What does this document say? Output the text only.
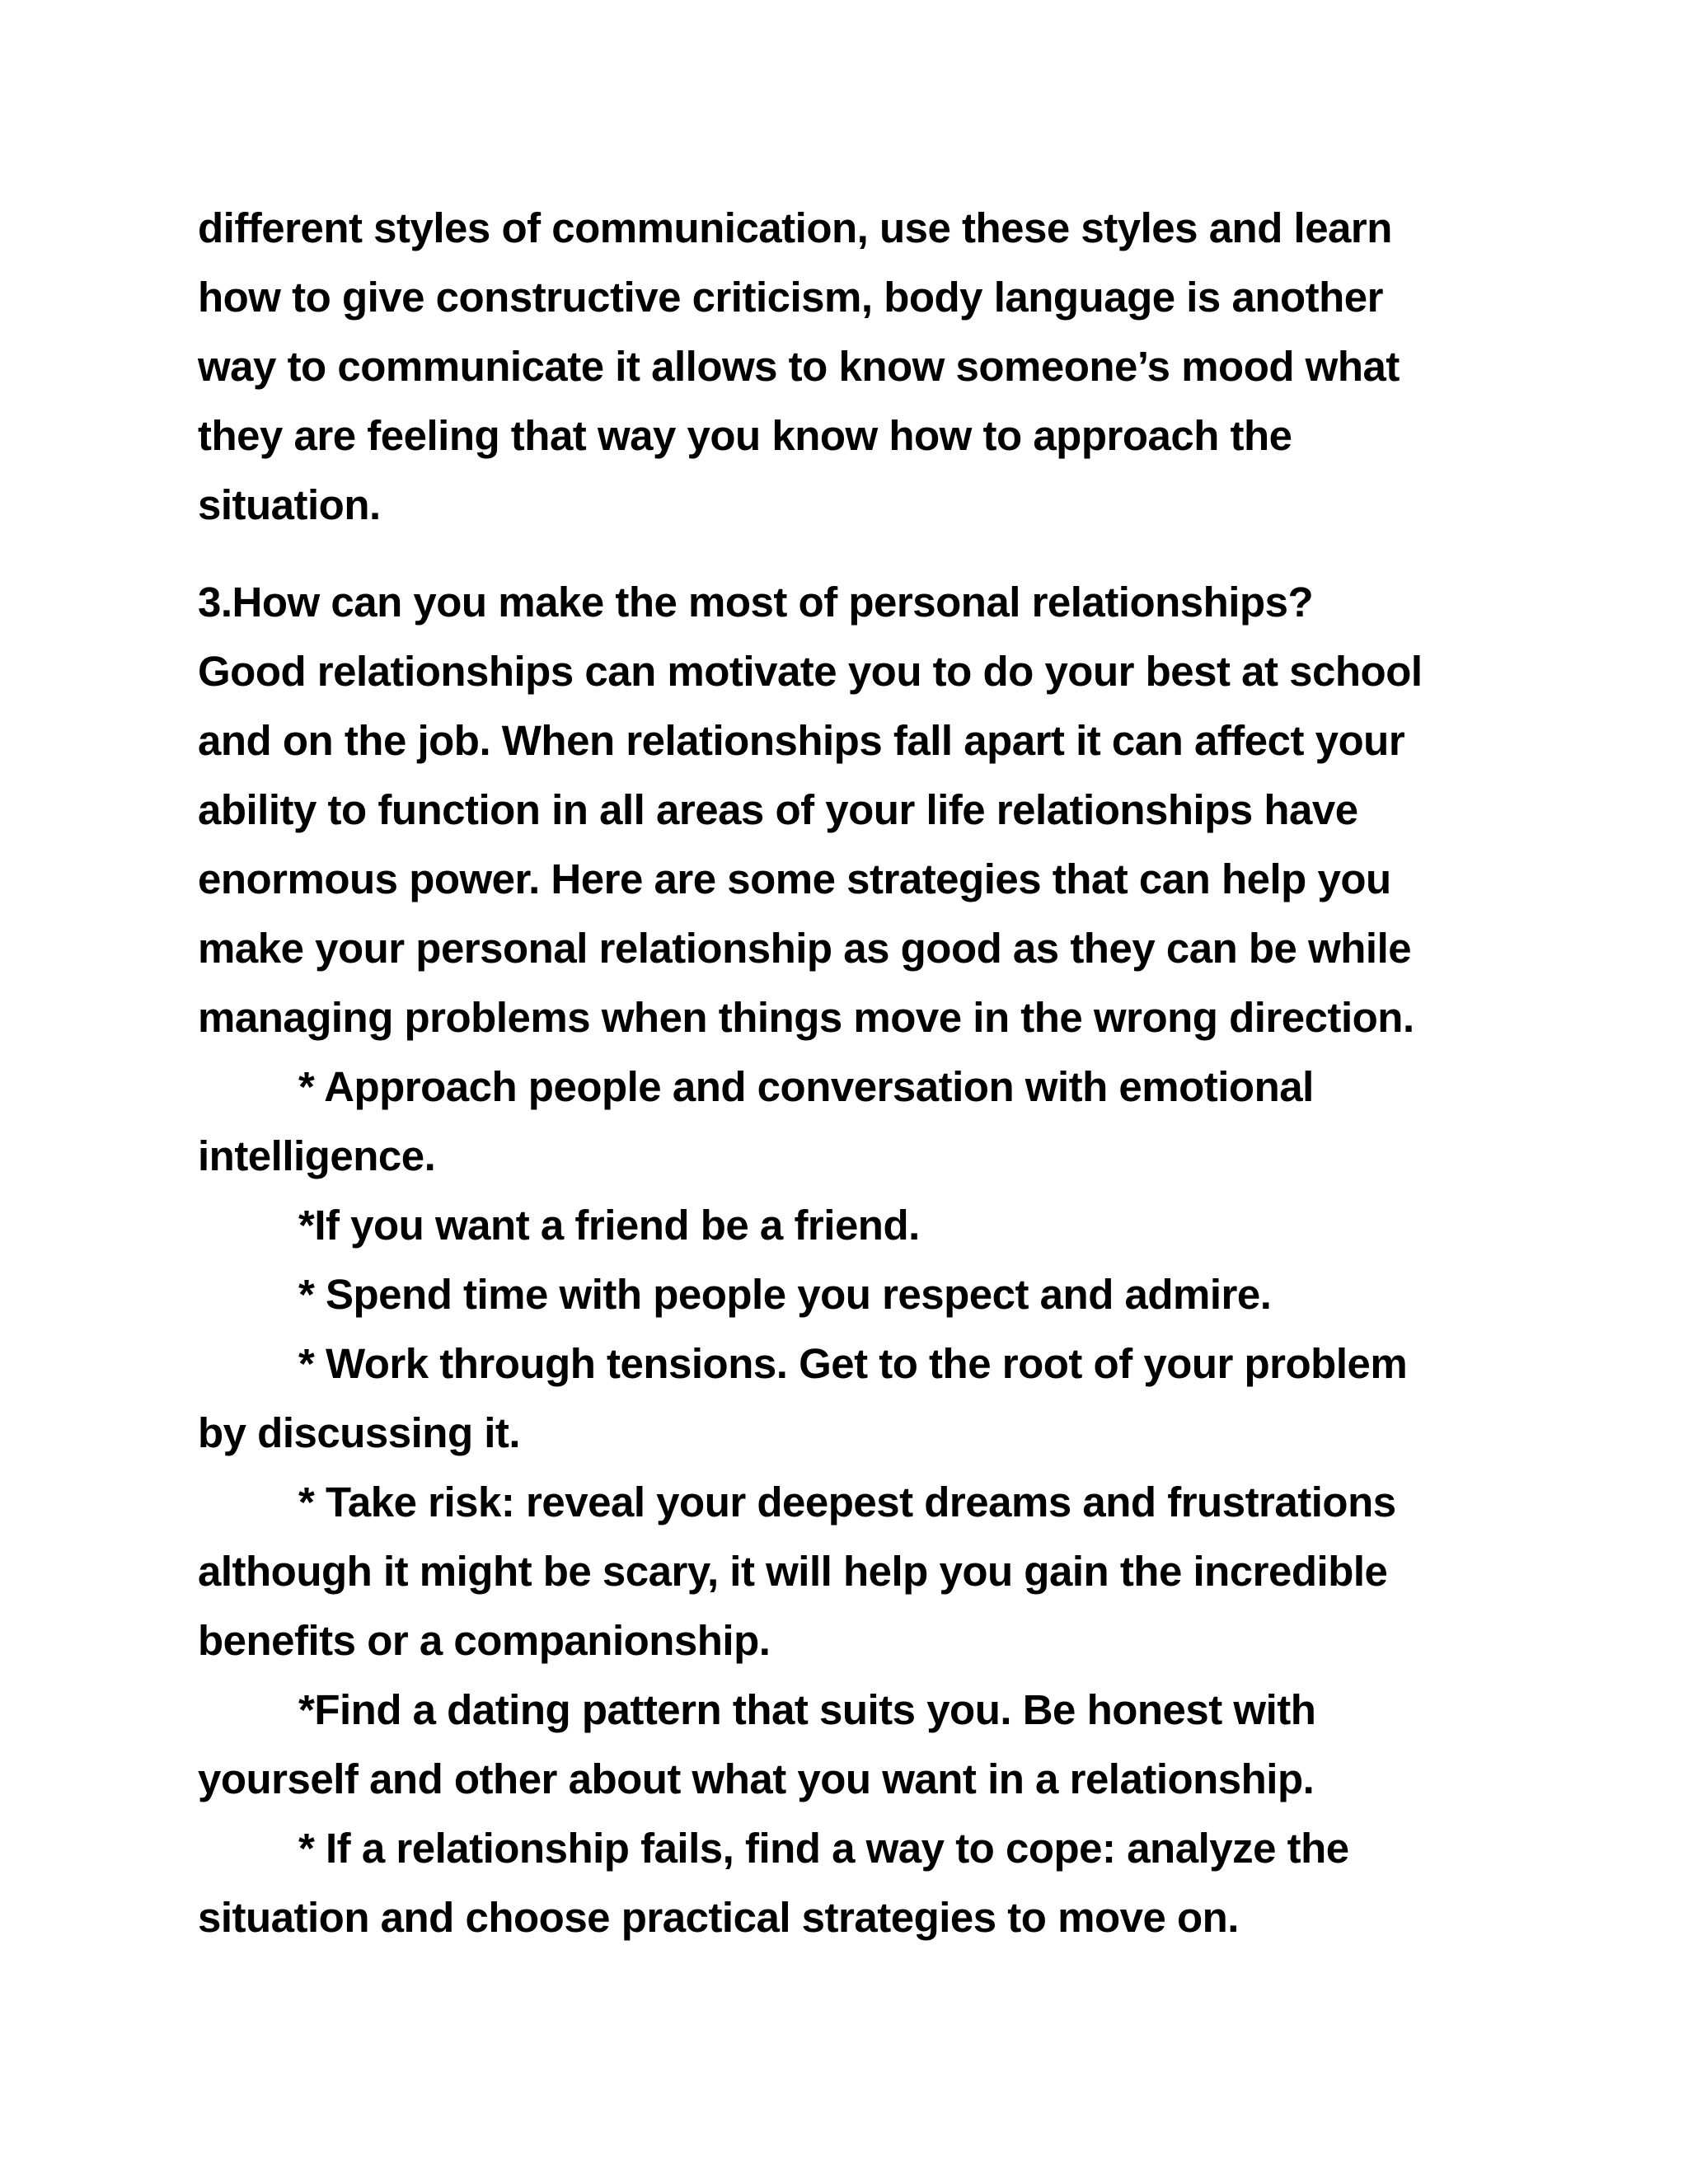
different styles of communication, use these styles and learn
how to give constructive criticism, body language is another
way to communicate it allows to know someone’s mood what
they are feeling that way you know how to approach the
situation.
3.How can you make the most of personal relationships?
Good relationships can motivate you to do your best at school
and on the job. When relationships fall apart it can affect your
ability to function in all areas of your life relationships have
enormous power. Here are some strategies that can help you
make your personal relationship as good as they can be while
managing problems when things move in the wrong direction.
* Approach people and conversation with emotional
intelligence.
*If you want a friend be a friend.
* Spend time with people you respect and admire.
* Work through tensions. Get to the root of your problem
by discussing it.
* Take risk: reveal your deepest dreams and frustrations
although it might be scary, it will help you gain the incredible
benefits or a companionship.
*Find a dating pattern that suits you. Be honest with
yourself and other about what you want in a relationship.
* If a relationship fails, find a way to cope: analyze the
situation and choose practical strategies to move on.
